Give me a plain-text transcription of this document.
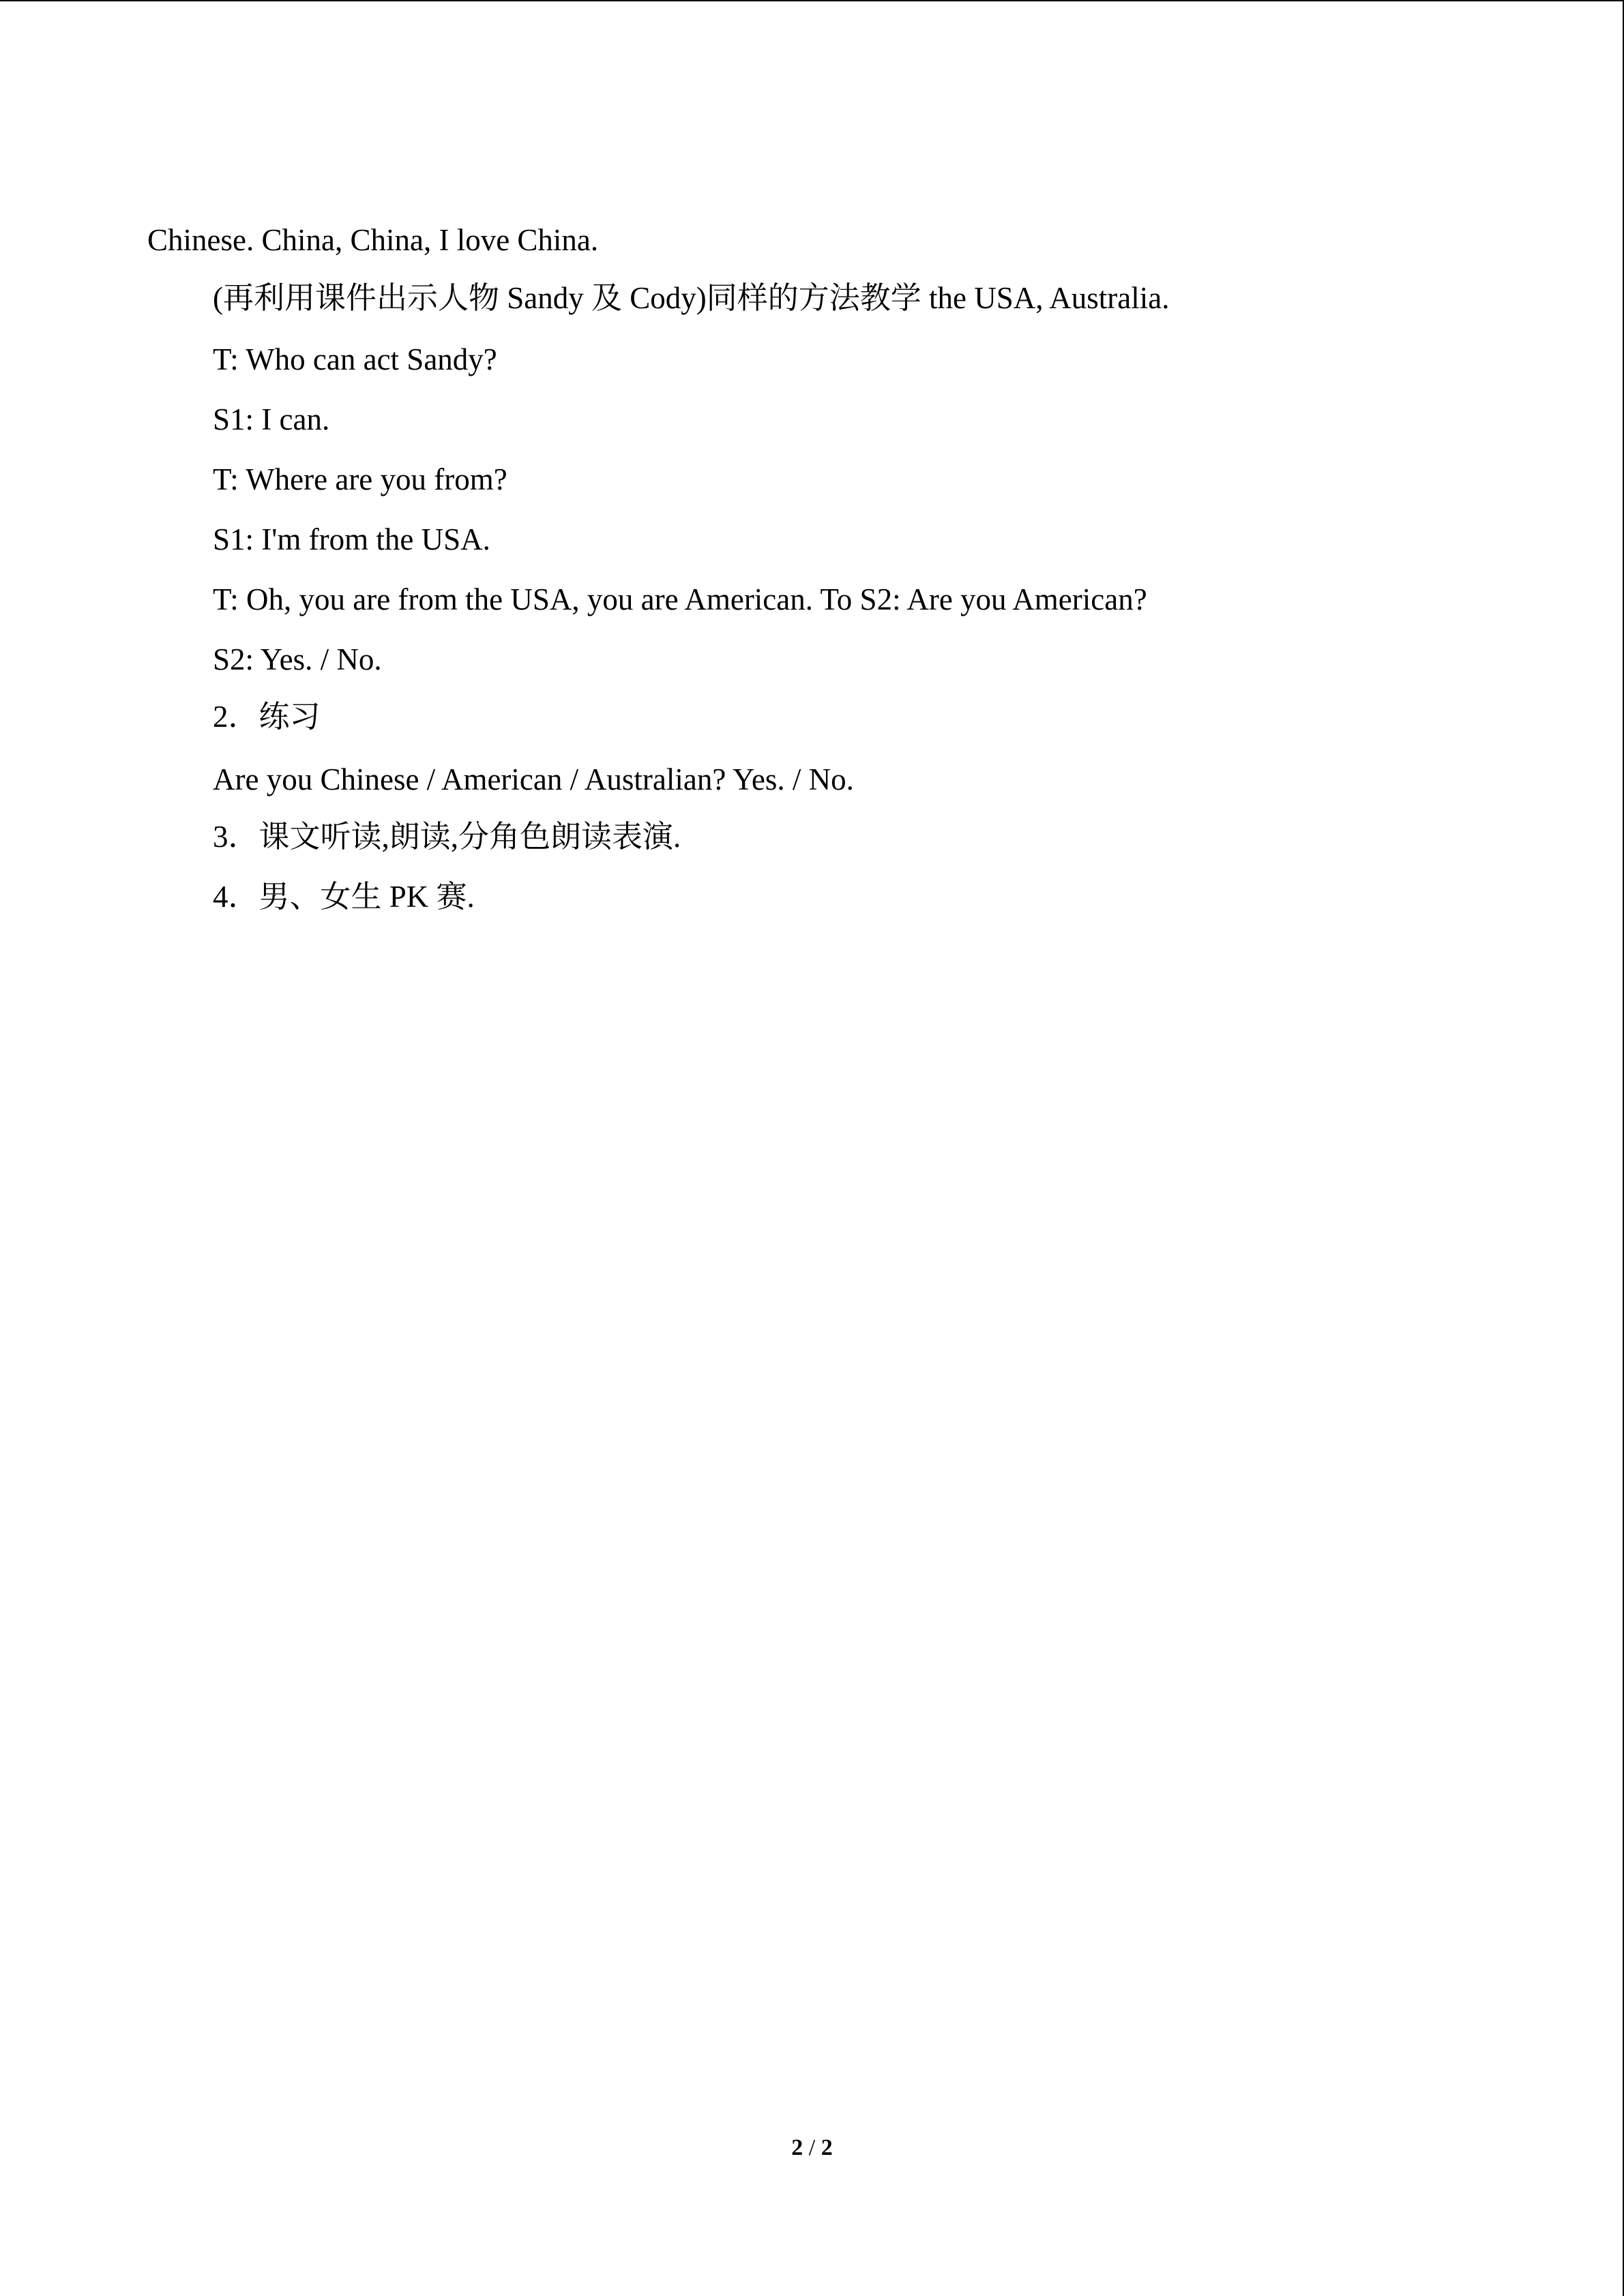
Chinese. China, China, I love China.

(再利用课件出示人物 Sandy 及 Cody)同样的方法教学 the USA, Australia.

T: Who can act Sandy?

S1: I can.

T: Where are you from?

S1: I'm from the USA.

T: Oh, you are from the USA, you are American. To S2: Are you American?

S2: Yes. / No.

2．练习

Are you Chinese / American / Australian? Yes. / No.

3．课文听读,朗读,分角色朗读表演.

4．男、女生 PK 赛.

2 / 2
